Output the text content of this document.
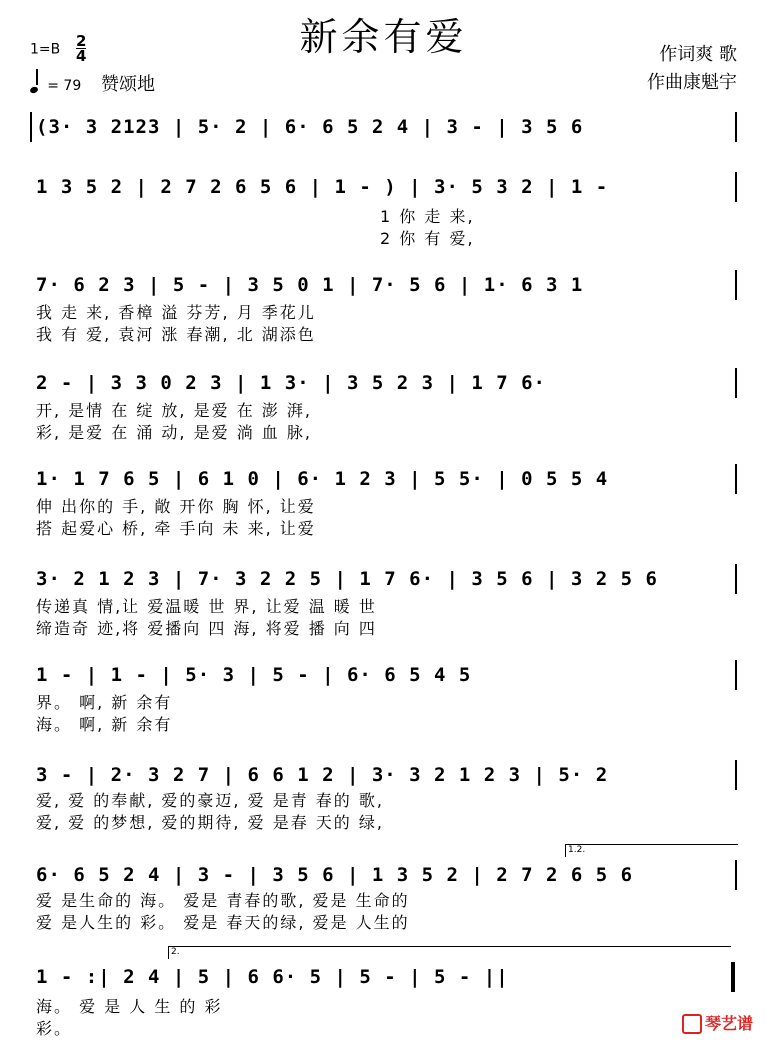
新余有爱
$1=B \frac{2}{4}$
= 79 赞颂地
作词爽 歌
作曲康魁宇
(3· 3 2123 | 5· 2 | 6· 6 5 2 4 | 3 - | 3 5 6
1 3 5 2 | 2 7 2 6 5 6 | 1 - ) | 3· 5 3 2 | 1 -
1 你 走 来,
2 你 有 爱,
7· 6 2 3 | 5 - | 3 5 0 1 | 7· 5 6 | 1· 6 3 1
我 走 来, 香樟 溢 芬芳, 月 季花儿
我 有 爱, 袁河 涨 春潮, 北 湖添色
2 - | 3 3 0 2 3 | 1 3· | 3 5 2 3 | 1 7 6·
开, 是情 在 绽 放, 是爱 在 澎 湃,
彩, 是爱 在 涌 动, 是爱 淌 血 脉,
1· 1 7 6 5 | 6 1 0 | 6· 1 2 3 | 5 5· | 0 5 5 4
伸 出你的 手, 敞 开你 胸 怀, 让爱
搭 起爱心 桥, 牵 手向 未 来, 让爱
3· 2 1 2 3 | 7· 3 2 2 5 | 1 7 6· | 3 5 6 | 3 2 5 6
传递真 情,让 爱温暖 世 界, 让爱 温 暖 世
缔造奇 迹,将 爱播向 四 海, 将爱 播 向 四
1 - | 1 - | 5· 3 | 5 - | 6· 6 5 4 5
界。 啊, 新 余有
海。 啊, 新 余有
3 - | 2· 3 2 7 | 6 6 1 2 | 3· 3 2 1 2 3 | 5· 2
爱, 爱 的奉献, 爱的豪迈, 爱 是青 春的 歌,
爱, 爱 的梦想, 爱的期待, 爱 是春 天的 绿,
1.2.
6· 6 5 2 4 | 3 - | 3 5 6 | 1 3 5 2 | 2 7 2 6 5 6
爱 是生命的 海。 爱是 青春的歌, 爱是 生命的
爱 是人生的 彩。 爱是 春天的绿, 爱是 人生的
2.
1 - :| 2 4 | 5 | 6 6· 5 | 5 - | 5 - ||
海。 爱 是 人 生 的 彩
彩。	琴艺谱
